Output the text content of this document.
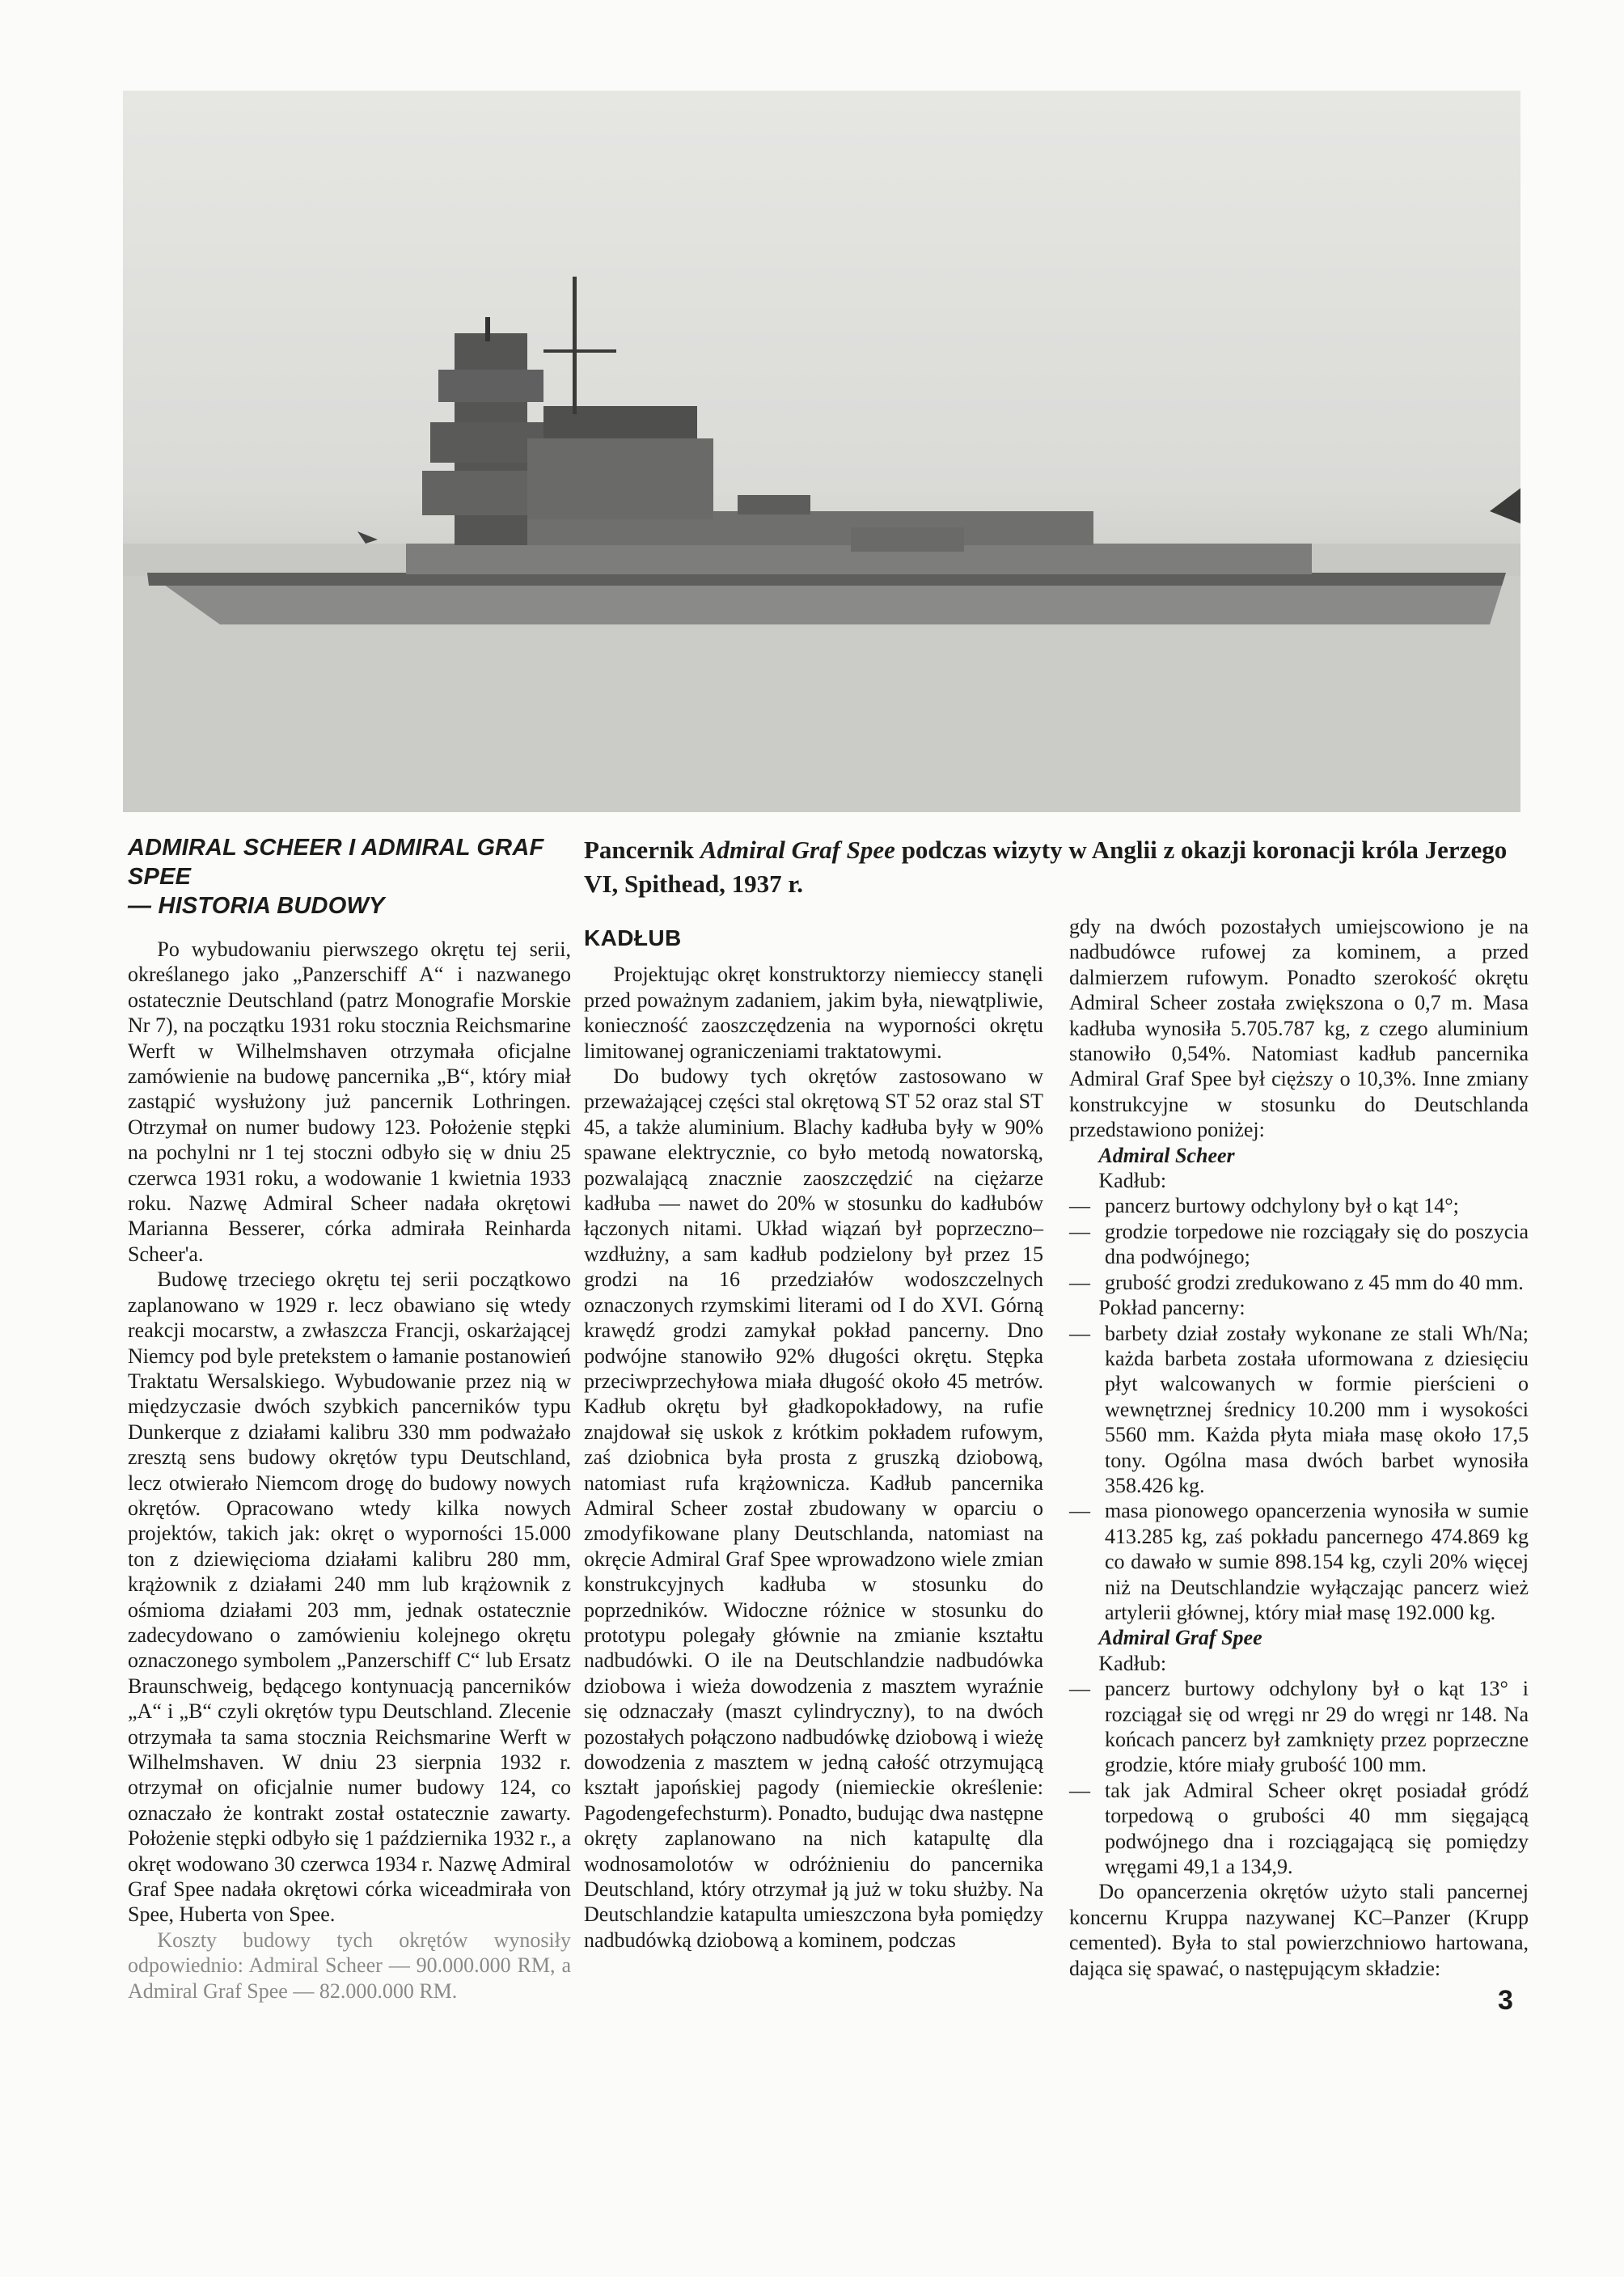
Pancernik Admiral Graf Spee podczas wizyty w Anglii z okazji koronacji króla Jerzego VI, Spithead, 1937 r.
ADMIRAL SCHEER I ADMIRAL GRAF SPEE
— HISTORIA BUDOWY

Po wybudowaniu pierwszego okrętu tej serii, określanego jako „Panzerschiff A“ i nazwanego ostatecznie Deutschland (patrz Monografie Morskie Nr 7), na początku 1931 roku stocznia Reichsmarine Werft w Wilhelmshaven otrzymała oficjalne zamówienie na budowę pancernika „B“, który miał zastąpić wysłużony już pancernik Lothringen. Otrzymał on numer budowy 123. Położenie stępki na pochylni nr 1 tej stoczni odbyło się w dniu 25 czerwca 1931 roku, a wodowanie 1 kwietnia 1933 roku. Nazwę Admiral Scheer nadała okrętowi Marianna Besserer, córka admirała Reinharda Scheer'a.

Budowę trzeciego okrętu tej serii początkowo zaplanowano w 1929 r. lecz obawiano się wtedy reakcji mocarstw, a zwłaszcza Francji, oskarżającej Niemcy pod byle pretekstem o łamanie postanowień Traktatu Wersalskiego. Wybudowanie przez nią w międzyczasie dwóch szybkich pancerników typu Dunkerque z działami kalibru 330 mm podważało zresztą sens budowy okrętów typu Deutschland, lecz otwierało Niemcom drogę do budowy nowych okrętów. Opracowano wtedy kilka nowych projektów, takich jak: okręt o wyporności 15.000 ton z dziewięcioma działami kalibru 280 mm, krążownik z działami 240 mm lub krążownik z ośmioma działami 203 mm, jednak ostatecznie zadecydowano o zamówieniu kolejnego okrętu oznaczonego symbolem „Panzerschiff C“ lub Ersatz Braunschweig, będącego kontynuacją pancerników „A“ i „B“ czyli okrętów typu Deutschland. Zlecenie otrzymała ta sama stocznia Reichsmarine Werft w Wilhelmshaven. W dniu 23 sierpnia 1932 r. otrzymał on oficjalnie numer budowy 124, co oznaczało że kontrakt został ostatecznie zawarty. Położenie stępki odbyło się 1 października 1932 r., a okręt wodowano 30 czerwca 1934 r. Nazwę Admiral Graf Spee nadała okrętowi córka wiceadmirała von Spee, Huberta von Spee.

Koszty budowy tych okrętów wynosiły odpowiednio: Admiral Scheer — 90.000.000 RM, a Admiral Graf Spee — 82.000.000 RM.

KADŁUB

Projektując okręt konstruktorzy niemieccy stanęli przed poważnym zadaniem, jakim była, niewątpliwie, konieczność zaoszczędzenia na wyporności okrętu limitowanej ograniczeniami traktatowymi.

Do budowy tych okrętów zastosowano w przeważającej części stal okrętową ST 52 oraz stal ST 45, a także aluminium. Blachy kadłuba były w 90% spawane elektrycznie, co było metodą nowatorską, pozwalającą znacznie zaoszczędzić na ciężarze kadłuba — nawet do 20% w stosunku do kadłubów łączonych nitami. Układ wiązań był poprzeczno–wzdłużny, a sam kadłub podzielony był przez 15 grodzi na 16 przedziałów wodoszczelnych oznaczonych rzymskimi literami od I do XVI. Górną krawędź grodzi zamykał pokład pancerny. Dno podwójne stanowiło 92% długości okrętu. Stępka przeciwprzechyłowa miała długość około 45 metrów. Kadłub okrętu był gładkopokładowy, na rufie znajdował się uskok z krótkim pokładem rufowym, zaś dziobnica była prosta z gruszką dziobową, natomiast rufa krążownicza. Kadłub pancernika Admiral Scheer został zbudowany w oparciu o zmodyfikowane plany Deutschlanda, natomiast na okręcie Admiral Graf Spee wprowadzono wiele zmian konstrukcyjnych kadłuba w stosunku do poprzedników. Widoczne różnice w stosunku do prototypu polegały głównie na zmianie kształtu nadbudówki. O ile na Deutschlandzie nadbudówka dziobowa i wieża dowodzenia z masztem wyraźnie się odznaczały (maszt cylindryczny), to na dwóch pozostałych połączono nadbudówkę dziobową i wieżę dowodzenia z masztem w jedną całość otrzymującą kształt japońskiej pagody (niemieckie określenie: Pagodengefechsturm). Ponadto, budując dwa następne okręty zaplanowano na nich katapultę dla wodnosamolotów w odróżnieniu do pancernika Deutschland, który otrzymał ją już w toku służby. Na Deutschlandzie katapulta umieszczona była pomiędzy nadbudówką dziobową a kominem, podczas

gdy na dwóch pozostałych umiejscowiono je na nadbudówce rufowej za kominem, a przed dalmierzem rufowym. Ponadto szerokość okrętu Admiral Scheer została zwiększona o 0,7 m. Masa kadłuba wynosiła 5.705.787 kg, z czego aluminium stanowiło 0,54%. Natomiast kadłub pancernika Admiral Graf Spee był cięższy o 10,3%. Inne zmiany konstrukcyjne w stosunku do Deutschlanda przedstawiono poniżej:

Admiral Scheer

Kadłub:

— pancerz burtowy odchylony był o kąt 14°;
— grodzie torpedowe nie rozciągały się do poszycia dna podwójnego;
— grubość grodzi zredukowano z 45 mm do 40 mm.

Pokład pancerny:

— barbety dział zostały wykonane ze stali Wh/Na; każda barbeta została uformowana z dziesięciu płyt walcowanych w formie pierścieni o wewnętrznej średnicy 10.200 mm i wysokości 5560 mm. Każda płyta miała masę około 17,5 tony. Ogólna masa dwóch barbet wynosiła 358.426 kg.
— masa pionowego opancerzenia wynosiła w sumie 413.285 kg, zaś pokładu pancernego 474.869 kg co dawało w sumie 898.154 kg, czyli 20% więcej niż na Deutschlandzie wyłączając pancerz wież artylerii głównej, który miał masę 192.000 kg.

Admiral Graf Spee

Kadłub:

— pancerz burtowy odchylony był o kąt 13° i rozciągał się od wręgi nr 29 do wręgi nr 148. Na końcach pancerz był zamknięty przez poprzeczne grodzie, które miały grubość 100 mm.
— tak jak Admiral Scheer okręt posiadał gródź torpedową o grubości 40 mm sięgającą podwójnego dna i rozciągającą się pomiędzy wręgami 49,1 a 134,9.

Do opancerzenia okrętów użyto stali pancernej koncernu Kruppa nazywanej KC–Panzer (Krupp cemented). Była to stal powierzchniowo hartowana, dająca się spawać, o następującym składzie:

3
